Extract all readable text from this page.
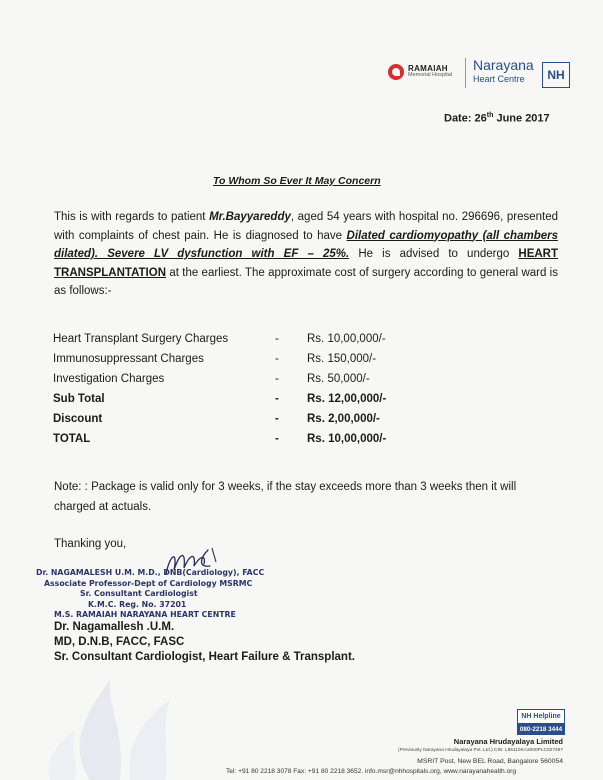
RAMAIAH
Memorial Hospital
Narayana
Heart Centre	NH
Date: 26th June 2017
To Whom So Ever It May Concern
This is with regards to patient Mr.Bayyareddy, aged 54 years with hospital no. 296696, presented with complaints of chest pain. He is diagnosed to have Dilated cardiomyopathy (all chambers dilated). Severe LV dysfunction with EF – 25%. He is advised to undergo HEART TRANSPLANTATION at the earliest. The approximate cost of surgery according to general ward is as follows:-
Heart Transplant Surgery Charges	- Rs. 10,00,000/-
Immunosuppressant Charges	- Rs. 150,000/-
Investigation Charges	- Rs. 50,000/-
Sub Total	- Rs. 12,00,000/-
Discount	- Rs. 2,00,000/-
TOTAL	- Rs. 10,00,000/-
Note: : Package is valid only for 3 weeks, if the stay exceeds more than 3 weeks then it will charged at actuals.
Thanking you,
Dr. NAGAMALESH U.M. M.D., DNB(Cardiology), FACC
Associate Professor-Dept of Cardiology MSRMC
Sr. Consultant Cardiologist
K.M.C. Reg. No. 37201
M.S. RAMAIAH NARAYANA HEART CENTRE
Dr. Nagamallesh .U.M.
MD, D.N.B, FACC, FASC
Sr. Consultant Cardiologist, Heart Failure & Transplant.
NH Helpline
080-2218 3444
Narayana Hrudayalaya Limited
(Previously Narayana Hrudayalaya Pvt. Ltd.) CIN: L85110KA2000PLC027497
MSRIT Post, New BEL Road, Bangalore 560054
Tel: +91 80 2218 3078 Fax: +91 80 2218 3652. info.msr@nhhospitals.org, www.narayanahealth.org
